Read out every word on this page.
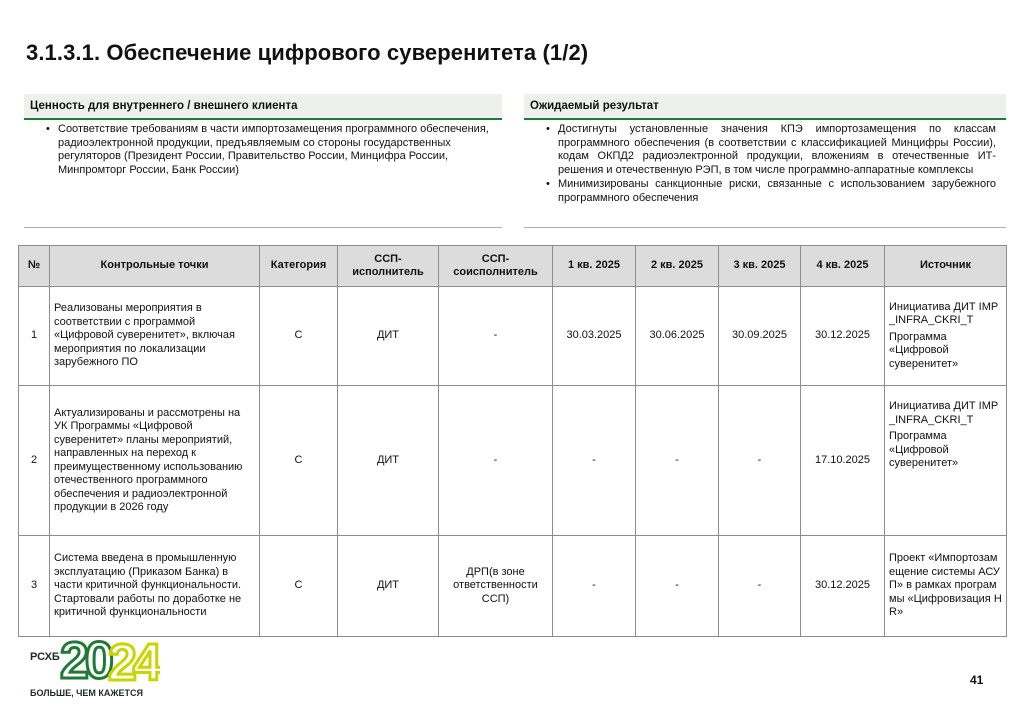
3.1.3.1. Обеспечение цифрового суверенитета (1/2)
Ценность для внутреннего / внешнего клиента
• Соответствие требованиям в части импортозамещения программного обеспечения, радиоэлектронной продукции, предъявляемым со стороны государственных регуляторов (Президент России, Правительство России, Минцифра России, Минпромторг России, Банк России)
Ожидаемый результат
• Достигнуты установленные значения КПЭ импортозамещения по классам программного обеспечения (в соответствии с классификацией Минцифры России), кодам ОКПД2 радиоэлектронной продукции, вложениям в отечественные ИТ-решения и отечественную РЭП, в том числе программно-аппаратные комплексы
• Минимизированы санкционные риски, связанные с использованием зарубежного программного обеспечения
№	Контрольные точки	Категория	ССП-исполнитель	ССП-соисполнитель	1 кв. 2025	2 кв. 2025	3 кв. 2025	4 кв. 2025	Источник
1	Реализованы мероприятия в соответствии с программой «Цифровой суверенитет», включая мероприятия по локализации зарубежного ПО	С	ДИТ	-	30.03.2025	30.06.2025	30.09.2025	30.12.2025	Инициатива ДИТ IMP_INFRA_CKRI_T
Программа «Цифровой суверенитет»

2	Актуализированы и рассмотрены на УК Программы «Цифровой суверенитет» планы мероприятий, направленных на переход к преимущественному использованию отечественного программного обеспечения и радиоэлектронной продукции в 2026 году	С	ДИТ	-	-	-	-	17.10.2025	Инициатива ДИТ IMP_INFRA_CKRI_T
Программа «Цифровой суверенитет»

3	Система введена в промышленную эксплуатацию (Приказом Банка) в части критичной функциональности. Стартовали работы по доработке не критичной функциональности	С	ДИТ	ДРП(в зоне ответственности ССП)	-	-	-	30.12.2025	Проект «Импортозамещение системы АСУП» в рамках программы «Цифровизация HR»
РСХБ 20
24
БОЛЬШЕ, ЧЕМ КАЖЕТСЯ
41
